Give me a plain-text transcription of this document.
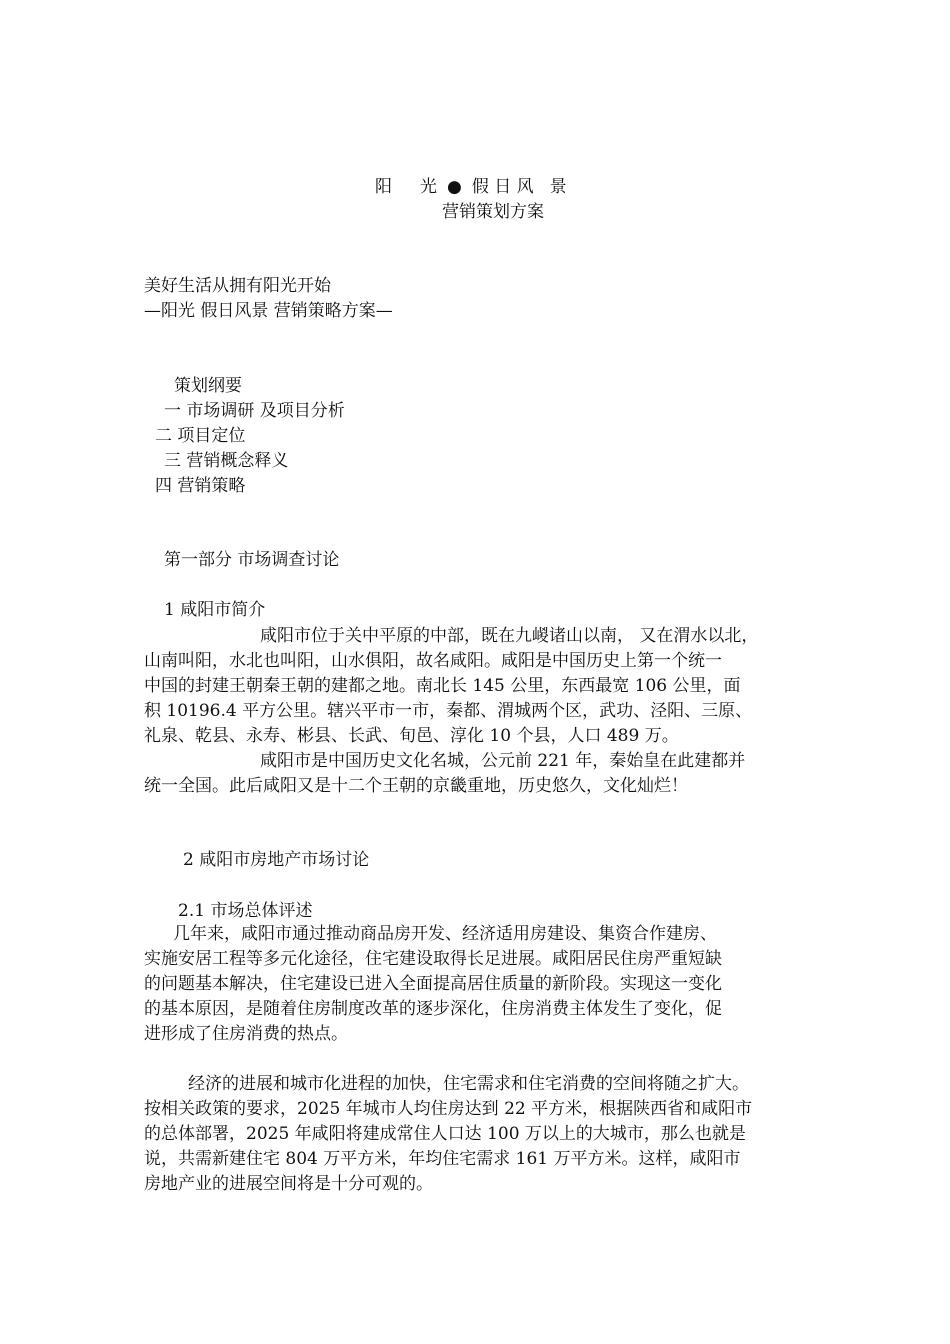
阳 光 ● 假 日 风 景
营销策划方案
美好生活从拥有阳光开始
—阳光 假日风景 营销策略方案—
策划纲要
一 市场调研 及项目分析
二 项目定位
三 营销概念释义
四 营销策略
第一部分 市场调查讨论
1 咸阳市简介
咸阳市位于关中平原的中部，既在九嵕诸山以南， 又在渭水以北，
山南叫阳，水北也叫阳，山水俱阳，故名咸阳。咸阳是中国历史上第一个统一
中国的封建王朝秦王朝的建都之地。南北长 145 公里，东西最宽 106 公里，面
积 10196.4 平方公里。辖兴平市一市，秦都、渭城两个区，武功、泾阳、三原、
礼泉、乾县、永寿、彬县、长武、旬邑、淳化 10 个县，人口 489 万。
咸阳市是中国历史文化名城，公元前 221 年，秦始皇在此建都并
统一全国。此后咸阳又是十二个王朝的京畿重地，历史悠久，文化灿烂！
2 咸阳市房地产市场讨论
2.1 市场总体评述
几年来，咸阳市通过推动商品房开发、经济适用房建设、集资合作建房、
实施安居工程等多元化途径，住宅建设取得长足进展。咸阳居民住房严重短缺
的问题基本解决，住宅建设已进入全面提高居住质量的新阶段。实现这一变化
的基本原因，是随着住房制度改革的逐步深化，住房消费主体发生了变化，促
进形成了住房消费的热点。
经济的进展和城市化进程的加快，住宅需求和住宅消费的空间将随之扩大。
按相关政策的要求，2025 年城市人均住房达到 22 平方米，根据陕西省和咸阳市
的总体部署，2025 年咸阳将建成常住人口达 100 万以上的大城市，那么也就是
说，共需新建住宅 804 万平方米，年均住宅需求 161 万平方米。这样，咸阳市
房地产业的进展空间将是十分可观的。
